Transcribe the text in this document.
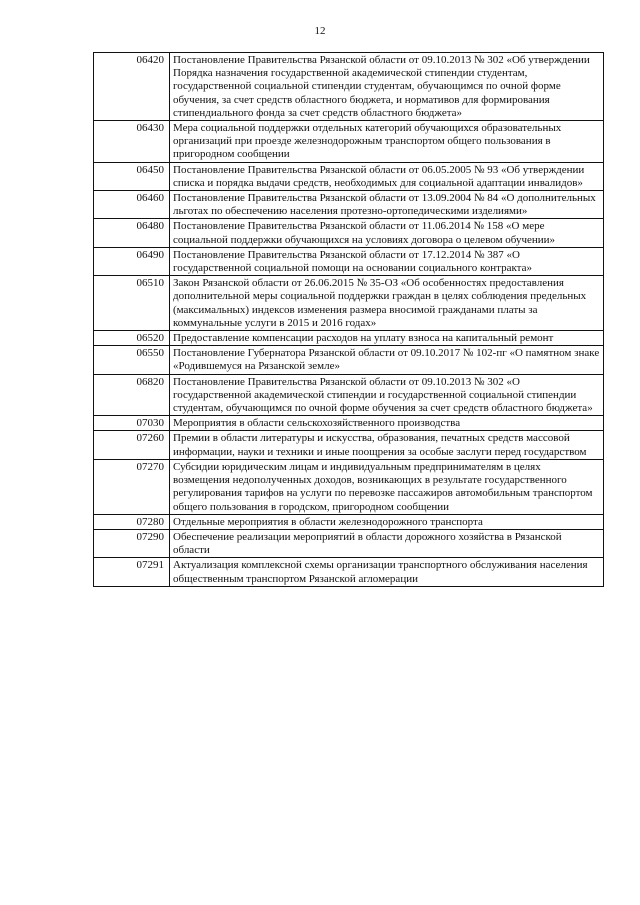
12
06420	Постановление Правительства Рязанской области от 09.10.2013 № 302 «Об утверждении Порядка назначения государственной академической стипендии студентам, государственной социальной стипендии студентам, обучающимся по очной форме обучения, за счет средств областного бюджета, и нормативов для формирования стипендиального фонда за счет средств областного бюджета»
06430	Мера социальной поддержки отдельных категорий обучающихся образовательных организаций при проезде железнодорожным транспортом общего пользования в пригородном сообщении
06450	Постановление Правительства Рязанской области от 06.05.2005 № 93 «Об утверждении списка и порядка выдачи средств, необходимых для социальной адаптации инвалидов»
06460	Постановление Правительства Рязанской области от 13.09.2004 № 84 «О дополнительных льготах по обеспечению населения протезно-ортопедическими изделиями»
06480	Постановление Правительства Рязанской области от 11.06.2014 № 158 «О мере социальной поддержки обучающихся на условиях договора о целевом обучении»
06490	Постановление Правительства Рязанской области от 17.12.2014 № 387 «О государственной социальной помощи на основании социального контракта»
06510	Закон Рязанской области от 26.06.2015 № 35-ОЗ «Об особенностях предоставления дополнительной меры социальной поддержки граждан в целях соблюдения предельных (максимальных) индексов изменения размера вносимой гражданами платы за коммунальные услуги в 2015 и 2016 годах»
06520	Предоставление компенсации расходов на уплату взноса на капитальный ремонт
06550	Постановление Губернатора Рязанской области от 09.10.2017 № 102-пг «О памятном знаке «Родившемуся на Рязанской земле»
06820	Постановление Правительства Рязанской области от 09.10.2013 № 302 «О государственной академической стипендии и государственной социальной стипендии студентам, обучающимся по очной форме обучения за счет средств областного бюджета»
07030	Мероприятия в области сельскохозяйственного производства
07260	Премии в области литературы и искусства, образования, печатных средств массовой информации, науки и техники и иные поощрения за особые заслуги перед государством
07270	Субсидии юридическим лицам и индивидуальным предпринимателям в целях возмещения недополученных доходов, возникающих в результате государственного регулирования тарифов на услуги по перевозке пассажиров автомобильным транспортом общего пользования в городском, пригородном сообщении
07280	Отдельные мероприятия в области железнодорожного транспорта
07290	Обеспечение реализации мероприятий в области дорожного хозяйства в Рязанской области
07291	Актуализация комплексной схемы организации транспортного обслуживания населения общественным транспортом Рязанской агломерации
